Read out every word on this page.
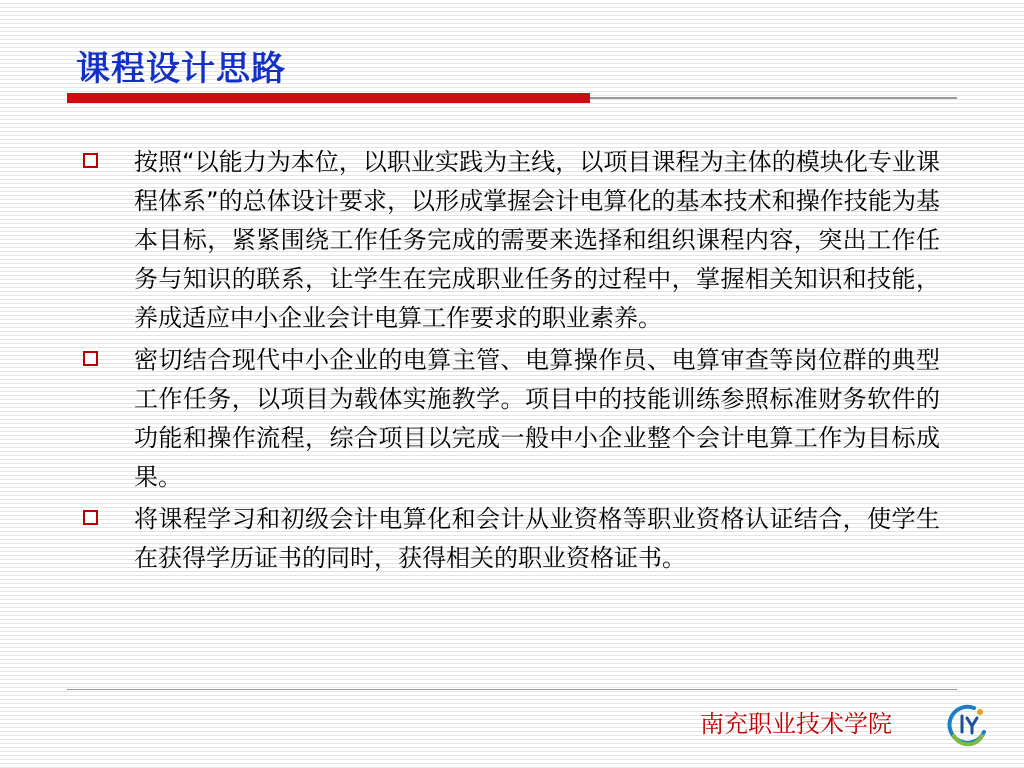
课程设计思路

按照“以能力为本位，以职业实践为主线，以项目课程为主体的模块化专业课程体系”的总体设计要求，以形成掌握会计电算化的基本技术和操作技能为基本目标，紧紧围绕工作任务完成的需要来选择和组织课程内容，突出工作任务与知识的联系，让学生在完成职业任务的过程中，掌握相关知识和技能，养成适应中小企业会计电算工作要求的职业素养。

密切结合现代中小企业的电算主管、电算操作员、电算审查等岗位群的典型工作任务，以项目为载体实施教学。项目中的技能训练参照标准财务软件的功能和操作流程，综合项目以完成一般中小企业整个会计电算工作为目标成果。

将课程学习和初级会计电算化和会计从业资格等职业资格认证结合，使学生在获得学历证书的同时，获得相关的职业资格证书。

南充职业技术学院
